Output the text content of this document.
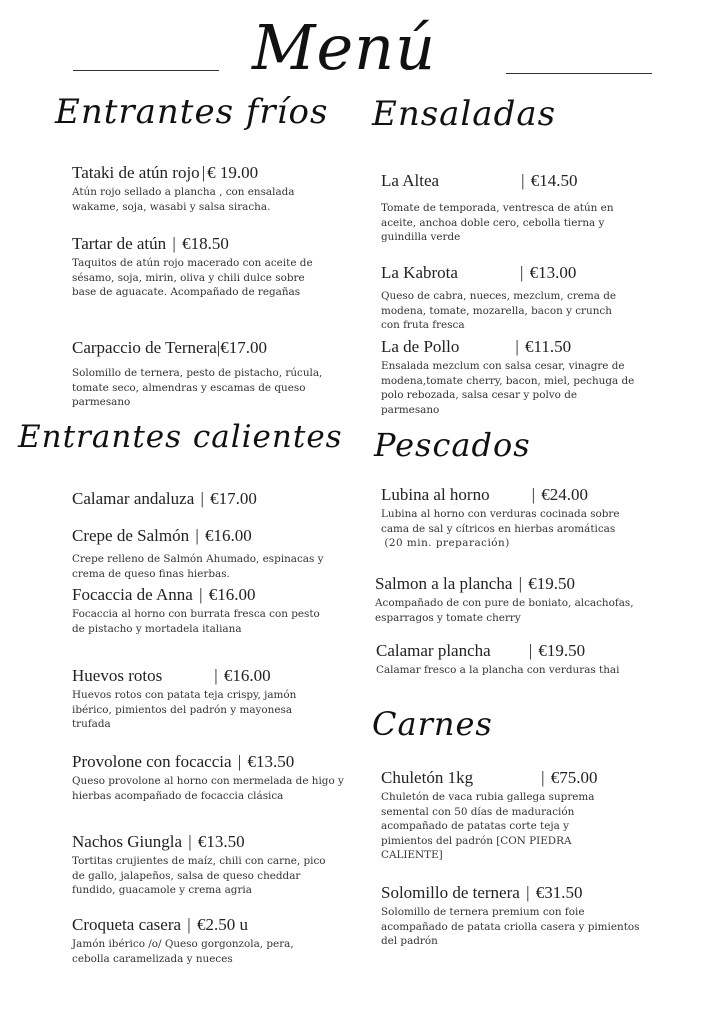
Menú
Entrantes fríos Ensaladas
Entrantes calientes Pescados
Carnes
Tataki de atún rojo | € 19.00
Atún rojo sellado a plancha , con ensalada wakame, soja, wasabi y salsa siracha.
Tartar de atún | €18.50
Taquitos de atún rojo macerado con aceite de sésamo, soja, mirin, oliva y chili dulce sobre base de aguacate. Acompañado de regañas
Carpaccio de Ternera|€17.00
Solomillo de ternera, pesto de pistacho, rúcula, tomate seco, almendras y escamas de queso parmesano
Calamar andaluza | €17.00
Crepe de Salmón | €16.00
Crepe relleno de Salmón Ahumado, espinacas y crema de queso finas hierbas.
Focaccia de Anna | €16.00
Focaccia al horno con burrata fresca con pesto de pistacho y mortadela italiana
Huevos rotos	| €16.00
Huevos rotos con patata teja crispy, jamón ibérico, pimientos del padrón y mayonesa trufada
Provolone con focaccia | €13.50
Queso provolone al horno con mermelada de higo y hierbas acompañado de focaccia clásica
Nachos Giungla | €13.50
Tortitas crujientes de maíz, chili con carne, pico de gallo, jalapeños, salsa de queso cheddar fundido, guacamole y crema agria
Croqueta casera | €2.50 u
Jamón ibérico /o/ Queso gorgonzola, pera, cebolla caramelizada y nueces
La Altea	| €14.50
Tomate de temporada, ventresca de atún en aceite, anchoa doble cero, cebolla tierna y guindilla verde
La Kabrota	| €13.00
Queso de cabra, nueces, mezclum, crema de modena, tomate, mozarella, bacon y crunch con fruta fresca
La de Pollo	| €11.50
Ensalada mezclum con salsa cesar, vinagre de modena,tomate cherry, bacon, miel, pechuga de polo rebozada, salsa cesar y polvo de parmesano
Lubina al horno | €24.00
Lubina al horno con verduras cocinada sobre cama de sal y cítricos en hierbas aromáticas  (20 min. preparación)
Salmon a la plancha | €19.50
Acompañado de con pure de boniato, alcachofas, esparragos y tomate cherry
Calamar plancha | €19.50
Calamar fresco a la plancha con verduras thai
Chuletón 1kg	| €75.00
Chuletón de vaca rubia gallega suprema semental con 50 días de maduración acompañado de patatas corte teja y pimientos del padrón [CON PIEDRA CALIENTE]
Solomillo de ternera | €31.50
Solomillo de ternera premium con foie acompañado de patata criolla casera y pimientos del padrón
